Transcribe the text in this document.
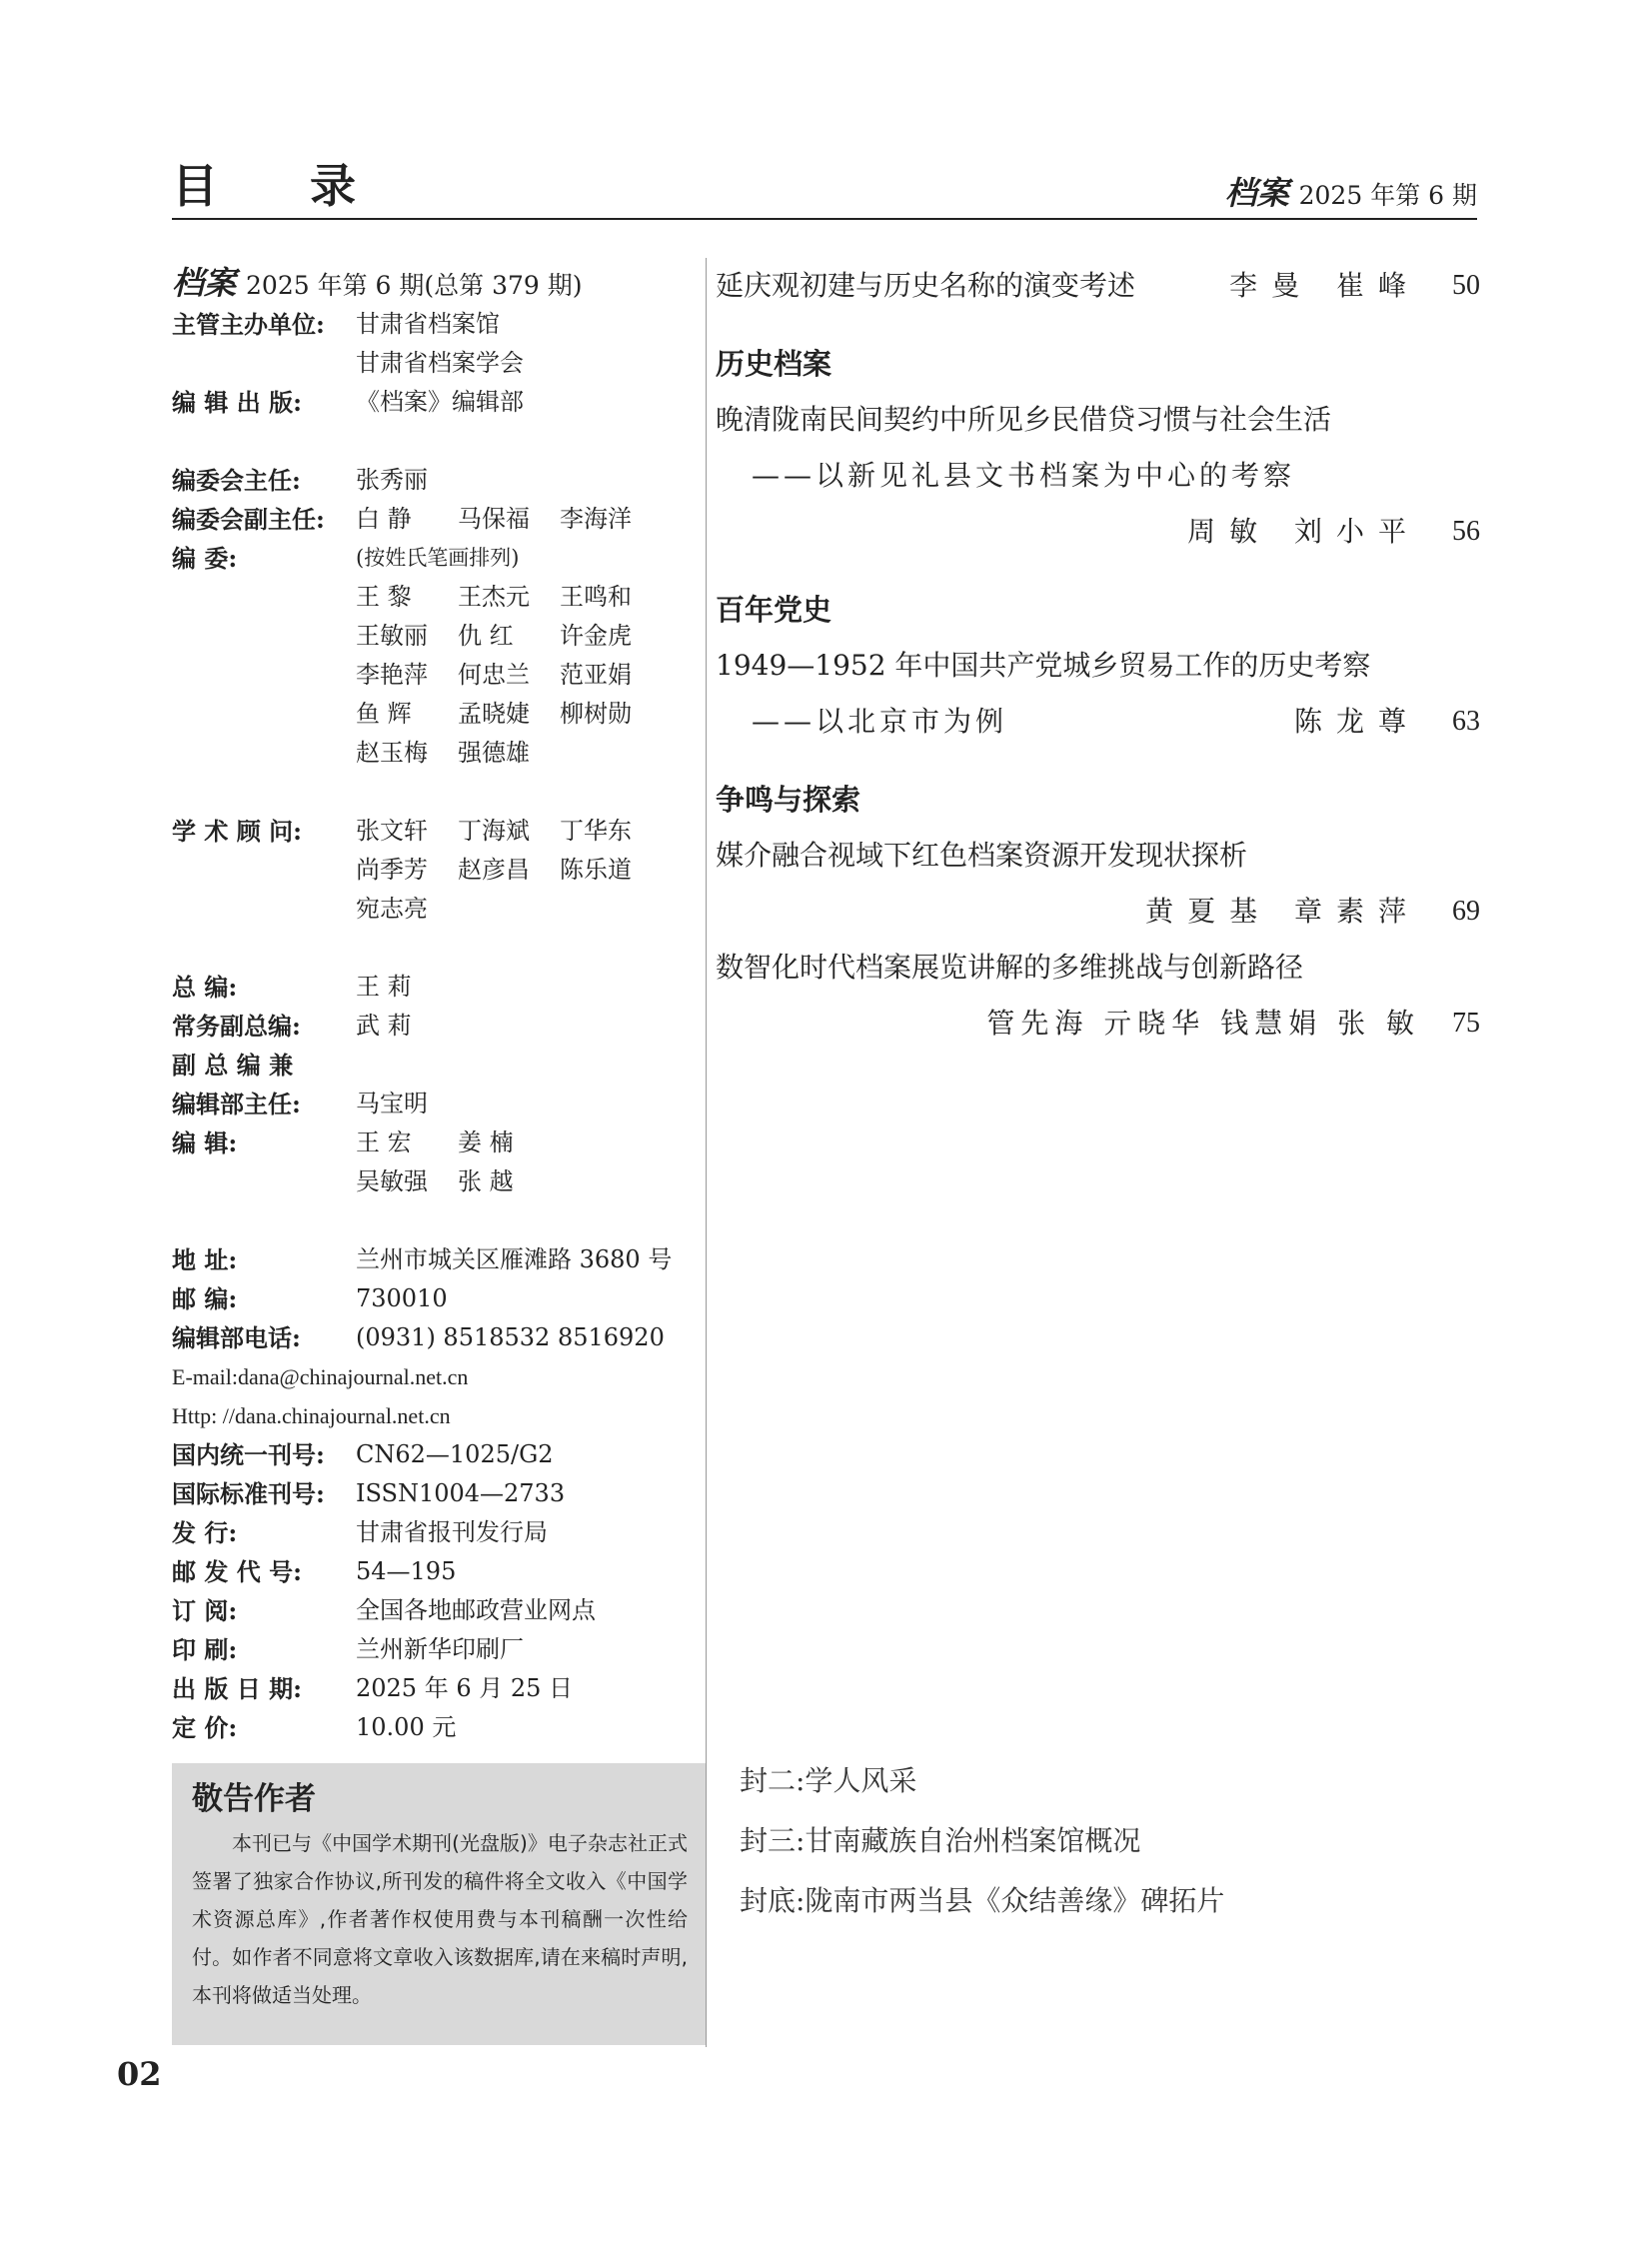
目 录	档案 2025 年第 6 期
档案 2025 年第 6 期(总第 379 期)
主管主办单位:	甘肃省档案馆
甘肃省档案学会
编 辑 出 版:	《档案》编辑部
编委会主任:	张秀丽
编委会副主任:	白 静	马保福	李海洋
编 委:	(按姓氏笔画排列)
王 黎	王杰元	王鸣和
王敏丽	仇 红	许金虎
李艳萍	何忠兰	范亚娟
鱼 辉	孟晓婕	柳树勋
赵玉梅	强德雄
学 术 顾 问:	张文轩	丁海斌	丁华东
尚季芳	赵彦昌	陈乐道
宛志亮
总 编:	王 莉
常务副总编:	武 莉
副 总 编 兼
编辑部主任:	马宝明
编 辑:	王 宏	姜 楠
吴敏强	张 越
地 址:	兰州市城关区雁滩路 3680 号
邮 编:	730010
编辑部电话:	(0931) 8518532 8516920
E-mail:dana@chinajournal.net.cn
Http: //dana.chinajournal.net.cn
国内统一刊号:	CN62—1025/G2
国际标准刊号:	ISSN1004—2733
发 行:	甘肃省报刊发行局
邮 发 代 号:	54—195
订 阅:	全国各地邮政营业网点
印 刷:	兰州新华印刷厂
出 版 日 期:	2025 年 6 月 25 日
定 价:	10.00 元
敬告作者
本刊已与《中国学术期刊(光盘版)》电子杂志社正式签署了独家合作协议,所刊发的稿件将全文收入《中国学术资源总库》,作者著作权使用费与本刊稿酬一次性给付。如作者不同意将文章收入该数据库,请在来稿时声明,本刊将做适当处理。
延庆观初建与历史名称的演变考述	李曼 崔峰 50
历史档案
晚清陇南民间契约中所见乡民借贷习惯与社会生活
——以新见礼县文书档案为中心的考察
周敏 刘小平 56
百年党史
1949—1952 年中国共产党城乡贸易工作的历史考察
——以北京市为例	陈龙尊 63
争鸣与探索
媒介融合视域下红色档案资源开发现状探析
黄夏基 章素萍 69
数智化时代档案展览讲解的多维挑战与创新路径
管先海 亓晓华 钱慧娟 张 敏 75
封二:学人风采
封三:甘南藏族自治州档案馆概况
封底:陇南市两当县《众结善缘》碑拓片
02
